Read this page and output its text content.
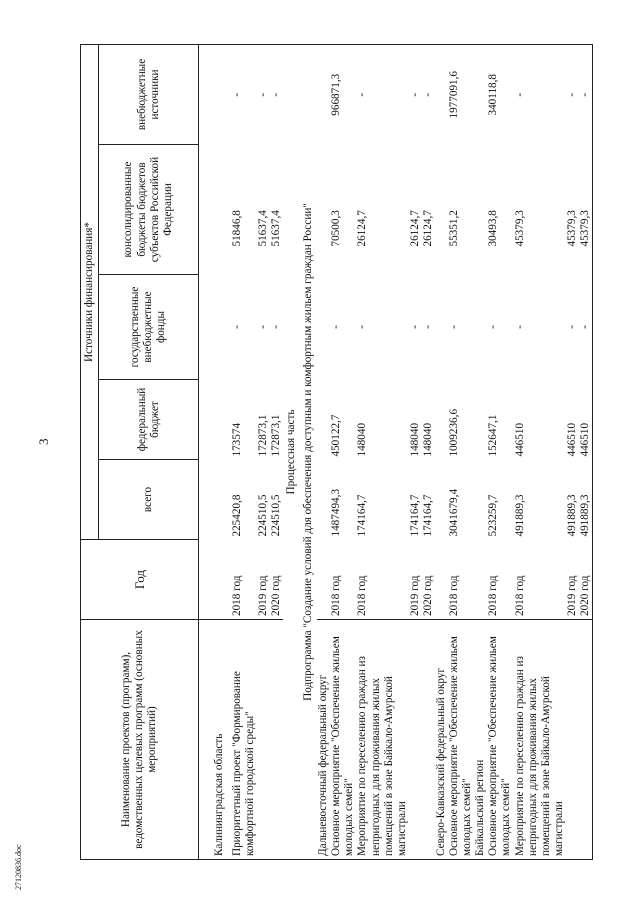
3
Наименование проектов (программ), ведомственных целевых программ (основных мероприятий)	Год	Источники финансирования*				
		всего	федеральный бюджет	государственные внебюджетные фонды	консолидированные бюджеты бюджетов субъектов Российской Федерации	внебюджетные источники

Калининградская область						
Приоритетный проект "Формирование комфортной городской среды"	2018 год	225420,8	173574	-	51846,8	-
	2019 год	224510,5	172873,1	-	51637,4	-
	2020 год	224510,5	172873,1	-	51637,4	-
Процессная часть						
Подпрограмма "Создание условий для обеспечения доступным и комфортным жильем граждан России"						
Дальневосточный федеральный округ						
Основное мероприятие "Обеспечение жильем молодых семей"	2018 год	1487494,3	450122,7	-	70500,3	966871,3
Мероприятие по переселению граждан из непригодных для проживания жилых помещений в зоне Байкало-Амурской магистрали	2018 год	174164,7	148040	-	26124,7	-
	2019 год	174164,7	148040	-	26124,7	-
	2020 год	174164,7	148040	-	26124,7	-
Северо-Кавказский федеральный округ						
Основное мероприятие "Обеспечение жильем молодых семей"	2018 год	3041679,4	1009236,6	-	55351,2	1977091,6
Байкальский регион						
Основное мероприятие "Обеспечение жильем молодых семей"	2018 год	523259,7	152647,1	-	30493,8	340118,8
Мероприятие по переселению граждан из непригодных для проживания жилых помещений в зоне Байкало-Амурской магистрали	2018 год	491889,3	446510	-	45379,3	-
	2019 год	491889,3	446510	-	45379,3	-
	2020 год	491889,3	446510	-	45379,3	-
27120836.doc
